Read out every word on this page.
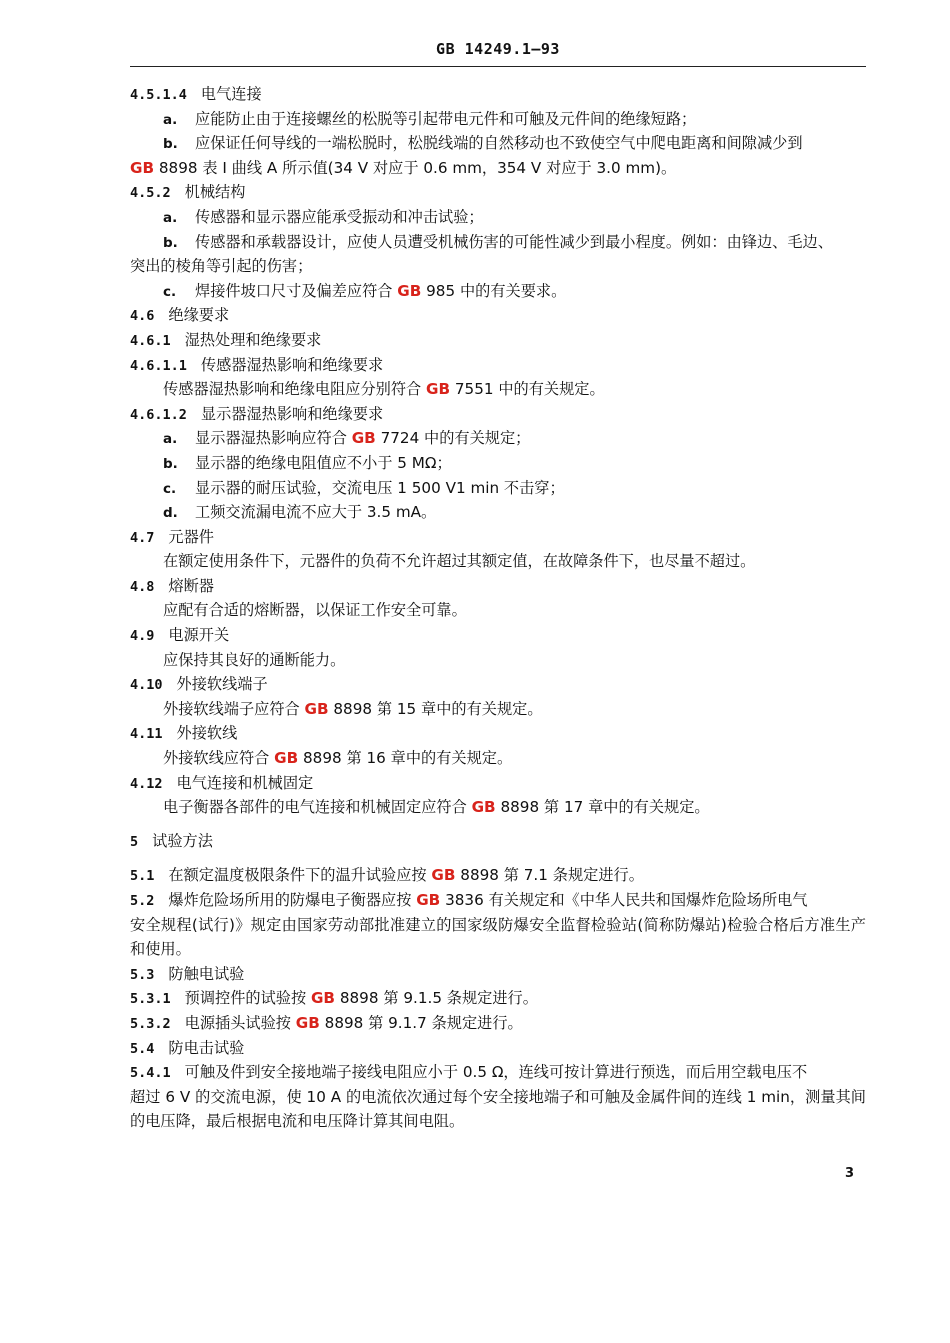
GB 14249.1—93
4.5.1.4 电气连接
a. 应能防止由于连接螺丝的松脱等引起带电元件和可触及元件间的绝缘短路；
b. 应保证任何导线的一端松脱时，松脱线端的自然移动也不致使空气中爬电距离和间隙减少到
GB 8898 表 Ⅰ 曲线 A 所示值(34 V 对应于 0.6 mm，354 V 对应于 3.0 mm)。
4.5.2 机械结构
a. 传感器和显示器应能承受振动和冲击试验；
b. 传感器和承载器设计，应使人员遭受机械伤害的可能性减少到最小程度。例如：由锋边、毛边、
突出的棱角等引起的伤害；
c. 焊接件坡口尺寸及偏差应符合 GB 985 中的有关要求。
4.6 绝缘要求
4.6.1 湿热处理和绝缘要求
4.6.1.1 传感器湿热影响和绝缘要求
传感器湿热影响和绝缘电阻应分别符合 GB 7551 中的有关规定。
4.6.1.2 显示器湿热影响和绝缘要求
a. 显示器湿热影响应符合 GB 7724 中的有关规定；
b. 显示器的绝缘电阻值应不小于 5 MΩ；
c. 显示器的耐压试验，交流电压 1 500 V1 min 不击穿；
d. 工频交流漏电流不应大于 3.5 mA。
4.7 元器件
在额定使用条件下，元器件的负荷不允许超过其额定值，在故障条件下，也尽量不超过。
4.8 熔断器
应配有合适的熔断器，以保证工作安全可靠。
4.9 电源开关
应保持其良好的通断能力。
4.10 外接软线端子
外接软线端子应符合 GB 8898 第 15 章中的有关规定。
4.11 外接软线
外接软线应符合 GB 8898 第 16 章中的有关规定。
4.12 电气连接和机械固定
电子衡器各部件的电气连接和机械固定应符合 GB 8898 第 17 章中的有关规定。
5 试验方法
5.1 在额定温度极限条件下的温升试验应按 GB 8898 第 7.1 条规定进行。
5.2 爆炸危险场所用的防爆电子衡器应按 GB 3836 有关规定和《中华人民共和国爆炸危险场所电气
安全规程(试行)》规定由国家劳动部批准建立的国家级防爆安全监督检验站(简称防爆站)检验合格后方准生产和使用。
5.3 防触电试验
5.3.1 预调控件的试验按 GB 8898 第 9.1.5 条规定进行。
5.3.2 电源插头试验按 GB 8898 第 9.1.7 条规定进行。
5.4 防电击试验
5.4.1 可触及件到安全接地端子接线电阻应小于 0.5 Ω，连线可按计算进行预选，而后用空载电压不
超过 6 V 的交流电源，使 10 A 的电流依次通过每个安全接地端子和可触及金属件间的连线 1 min，测量其间的电压降，最后根据电流和电压降计算其间电阻。
3
